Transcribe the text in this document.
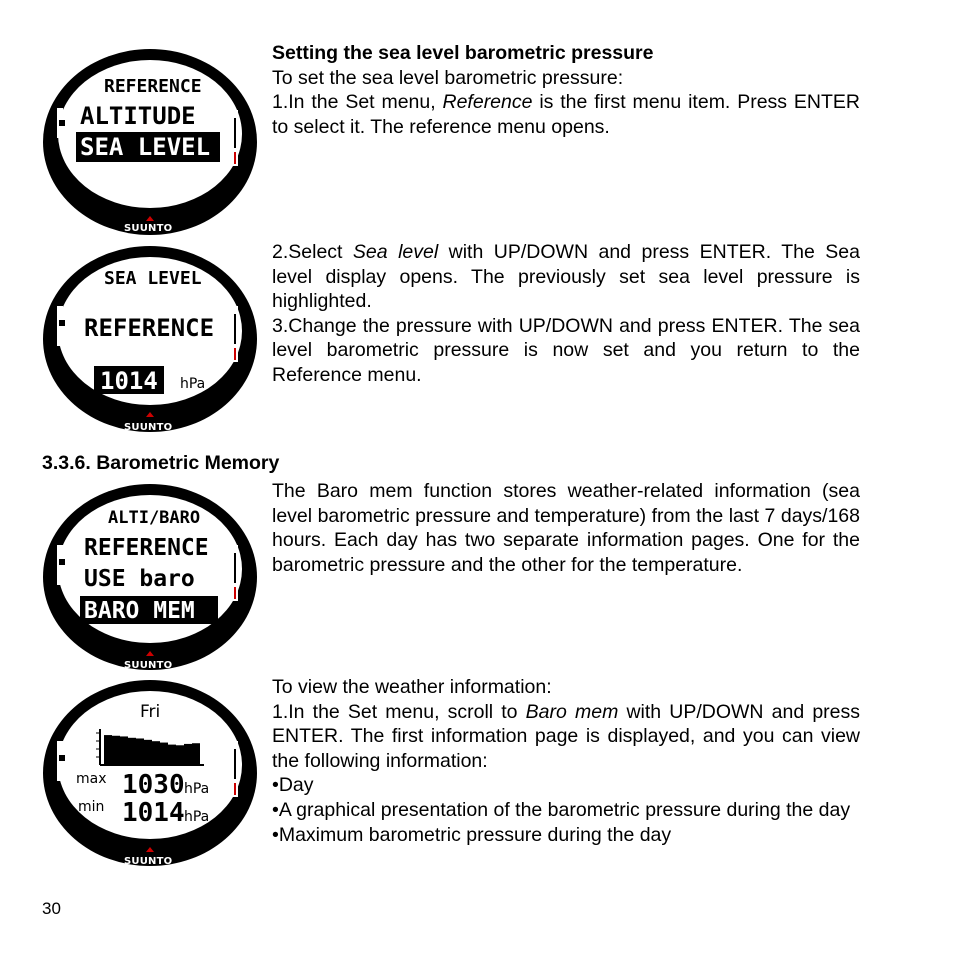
REFERENCE
ALTITUDE
SEA LEVEL
SUUNTO
SEA LEVEL
REFERENCE
1014 hPa
SUUNTO
ALTI/BARO
REFERENCE
USE baro
BARO MEM
SUUNTO
Fri
max 1030 hPa
min 1014 hPa
SUUNTO

Setting the sea level barometric pressure

To set the sea level barometric pressure:

1.In the Set menu, Reference is the first menu item. Press ENTER to select it. The reference menu opens.

2.Select Sea level with UP/DOWN and press ENTER. The Sea level display opens. The previously set sea level pressure is highlighted.

3.Change the pressure with UP/DOWN and press ENTER. The sea level barometric pressure is now set and you return to the Reference menu.

3.3.6. Barometric Memory

The Baro mem function stores weather-related information (sea level barometric pressure and temperature) from the last 7 days/168 hours. Each day has two separate information pages. One for the barometric pressure and the other for the temperature.

To view the weather information:

1.In the Set menu, scroll to Baro mem with UP/DOWN and press ENTER. The first information page is displayed, and you can view the following information:

•Day

•A graphical presentation of the barometric pressure during the day

•Maximum barometric pressure during the day

30
